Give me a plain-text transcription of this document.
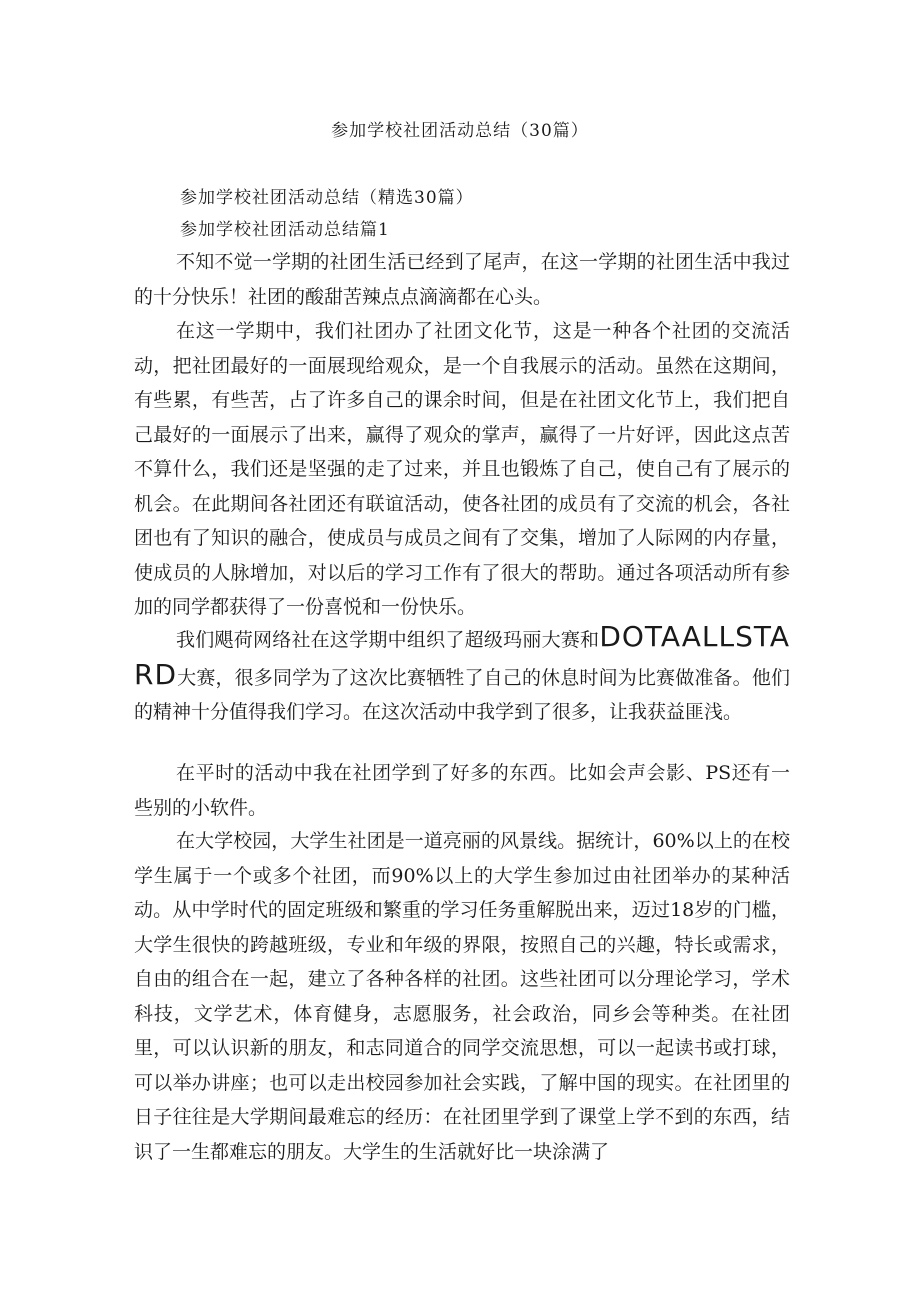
参加学校社团活动总结（30篇）
参加学校社团活动总结（精选30篇）
参加学校社团活动总结篇1

不知不觉一学期的社团生活已经到了尾声，在这一学期的社团生活中我过的十分快乐！社团的酸甜苦辣点点滴滴都在心头。

在这一学期中，我们社团办了社团文化节，这是一种各个社团的交流活动，把社团最好的一面展现给观众，是一个自我展示的活动。虽然在这期间，有些累，有些苦，占了许多自己的课余时间，但是在社团文化节上，我们把自己最好的一面展示了出来，赢得了观众的掌声，赢得了一片好评，因此这点苦不算什么，我们还是坚强的走了过来，并且也锻炼了自己，使自己有了展示的机会。在此期间各社团还有联谊活动，使各社团的成员有了交流的机会，各社团也有了知识的融合，使成员与成员之间有了交集，增加了人际网的内存量，使成员的人脉增加，对以后的学习工作有了很大的帮助。通过各项活动所有参加的同学都获得了一份喜悦和一份快乐。

我们飓荷网络社在这学期中组织了超级玛丽大赛和DOTAALLSTARD大赛，很多同学为了这次比赛牺牲了自己的休息时间为比赛做准备。他们的精神十分值得我们学习。在这次活动中我学到了很多，让我获益匪浅。

在平时的活动中我在社团学到了好多的东西。比如会声会影、PS还有一些别的小软件。

在大学校园，大学生社团是一道亮丽的风景线。据统计，60%以上的在校学生属于一个或多个社团，而90%以上的大学生参加过由社团举办的某种活动。从中学时代的固定班级和繁重的学习任务重解脱出来，迈过18岁的门槛，大学生很快的跨越班级，专业和年级的界限，按照自己的兴趣，特长或需求，自由的组合在一起，建立了各种各样的社团。这些社团可以分理论学习，学术科技，文学艺术，体育健身，志愿服务，社会政治，同乡会等种类。在社团里，可以认识新的朋友，和志同道合的同学交流思想，可以一起读书或打球，可以举办讲座；也可以走出校园参加社会实践，了解中国的现实。在社团里的日子往往是大学期间最难忘的经历：在社团里学到了课堂上学不到的东西，结识了一生都难忘的朋友。大学生的生活就好比一块涂满了
